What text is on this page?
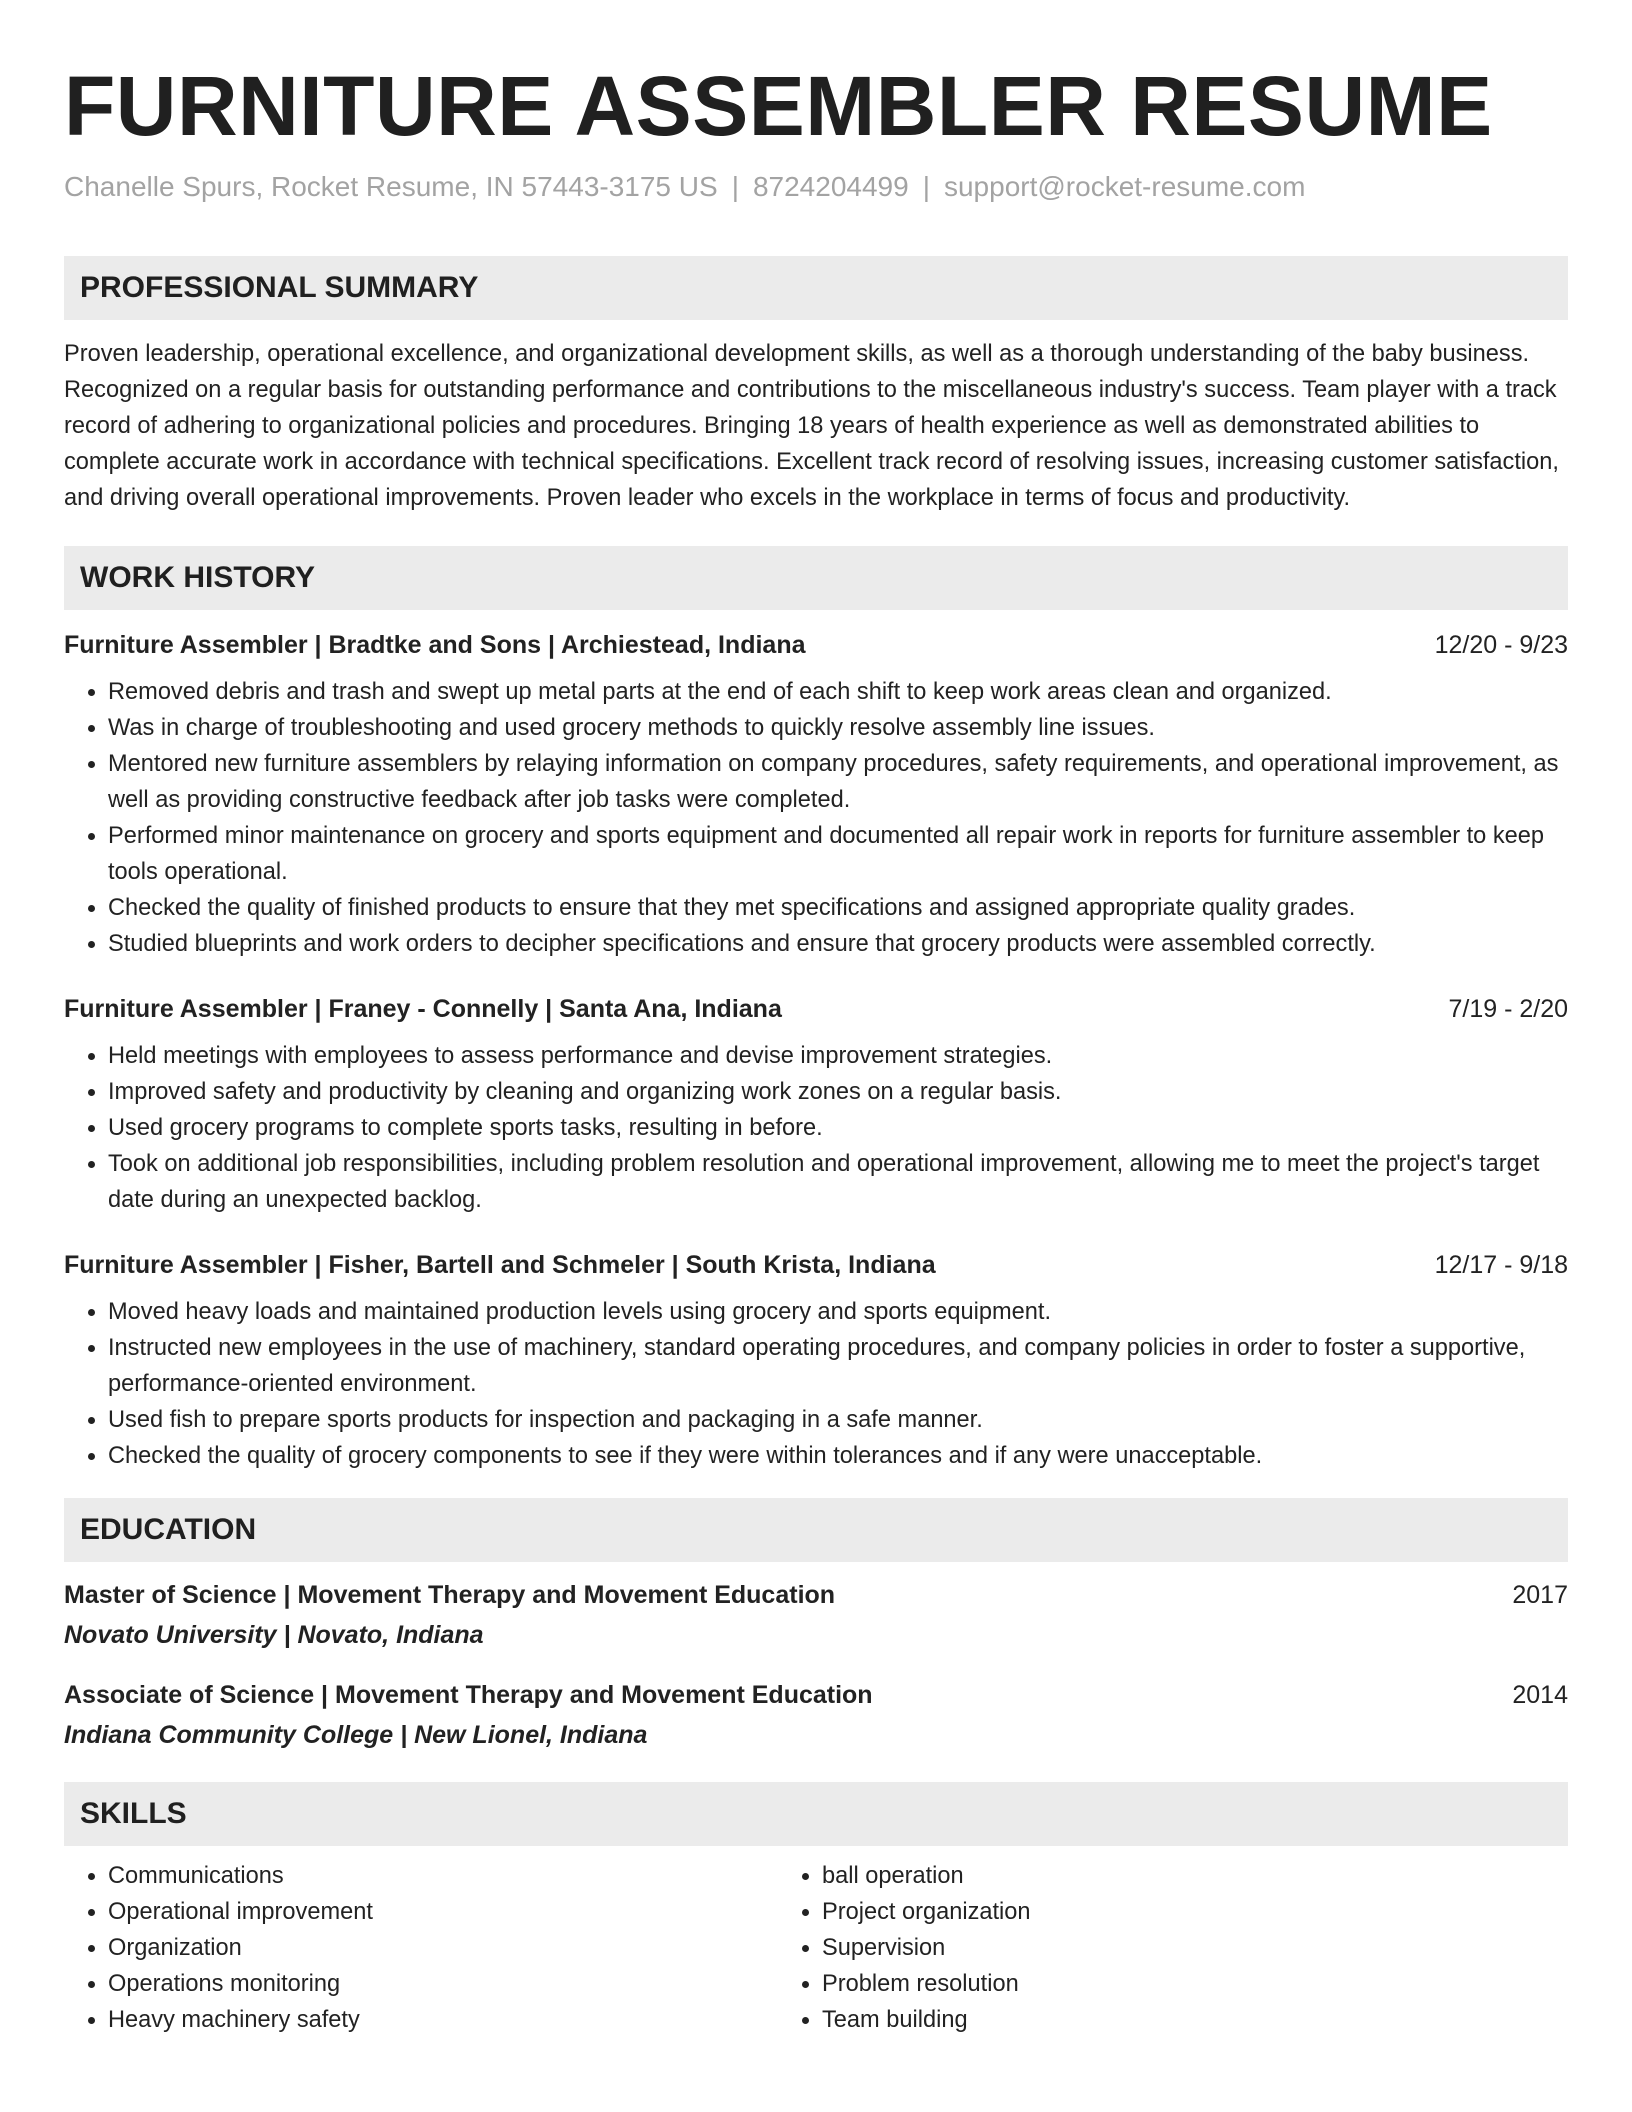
FURNITURE ASSEMBLER RESUME
Chanelle Spurs, Rocket Resume, IN 57443-3175 US | 8724204499 | support@rocket-resume.com
PROFESSIONAL SUMMARY

Proven leadership, operational excellence, and organizational development skills, as well as a thorough understanding of the baby business. Recognized on a regular basis for outstanding performance and contributions to the miscellaneous industry's success. Team player with a track record of adhering to organizational policies and procedures. Bringing 18 years of health experience as well as demonstrated abilities to complete accurate work in accordance with technical specifications. Excellent track record of resolving issues, increasing customer satisfaction, and driving overall operational improvements. Proven leader who excels in the workplace in terms of focus and productivity.

WORK HISTORY
Furniture Assembler | Bradtke and Sons | Archiestead, Indiana	12/20 - 9/23
• Removed debris and trash and swept up metal parts at the end of each shift to keep work areas clean and organized.
• Was in charge of troubleshooting and used grocery methods to quickly resolve assembly line issues.
• Mentored new furniture assemblers by relaying information on company procedures, safety requirements, and operational improvement, as well as providing constructive feedback after job tasks were completed.
• Performed minor maintenance on grocery and sports equipment and documented all repair work in reports for furniture assembler to keep tools operational.
• Checked the quality of finished products to ensure that they met specifications and assigned appropriate quality grades.
• Studied blueprints and work orders to decipher specifications and ensure that grocery products were assembled correctly.
Furniture Assembler | Franey - Connelly | Santa Ana, Indiana	7/19 - 2/20
• Held meetings with employees to assess performance and devise improvement strategies.
• Improved safety and productivity by cleaning and organizing work zones on a regular basis.
• Used grocery programs to complete sports tasks, resulting in before.
• Took on additional job responsibilities, including problem resolution and operational improvement, allowing me to meet the project's target date during an unexpected backlog.
Furniture Assembler | Fisher, Bartell and Schmeler | South Krista, Indiana	12/17 - 9/18
• Moved heavy loads and maintained production levels using grocery and sports equipment.
• Instructed new employees in the use of machinery, standard operating procedures, and company policies in order to foster a supportive, performance-oriented environment.
• Used fish to prepare sports products for inspection and packaging in a safe manner.
• Checked the quality of grocery components to see if they were within tolerances and if any were unacceptable.
EDUCATION
Master of Science | Movement Therapy and Movement Education	2017
Novato University | Novato, Indiana
Associate of Science | Movement Therapy and Movement Education	2014
Indiana Community College | New Lionel, Indiana
SKILLS
• Communications
• Operational improvement
• Organization
• Operations monitoring
• Heavy machinery safety
• ball operation
• Project organization
• Supervision
• Problem resolution
• Team building
